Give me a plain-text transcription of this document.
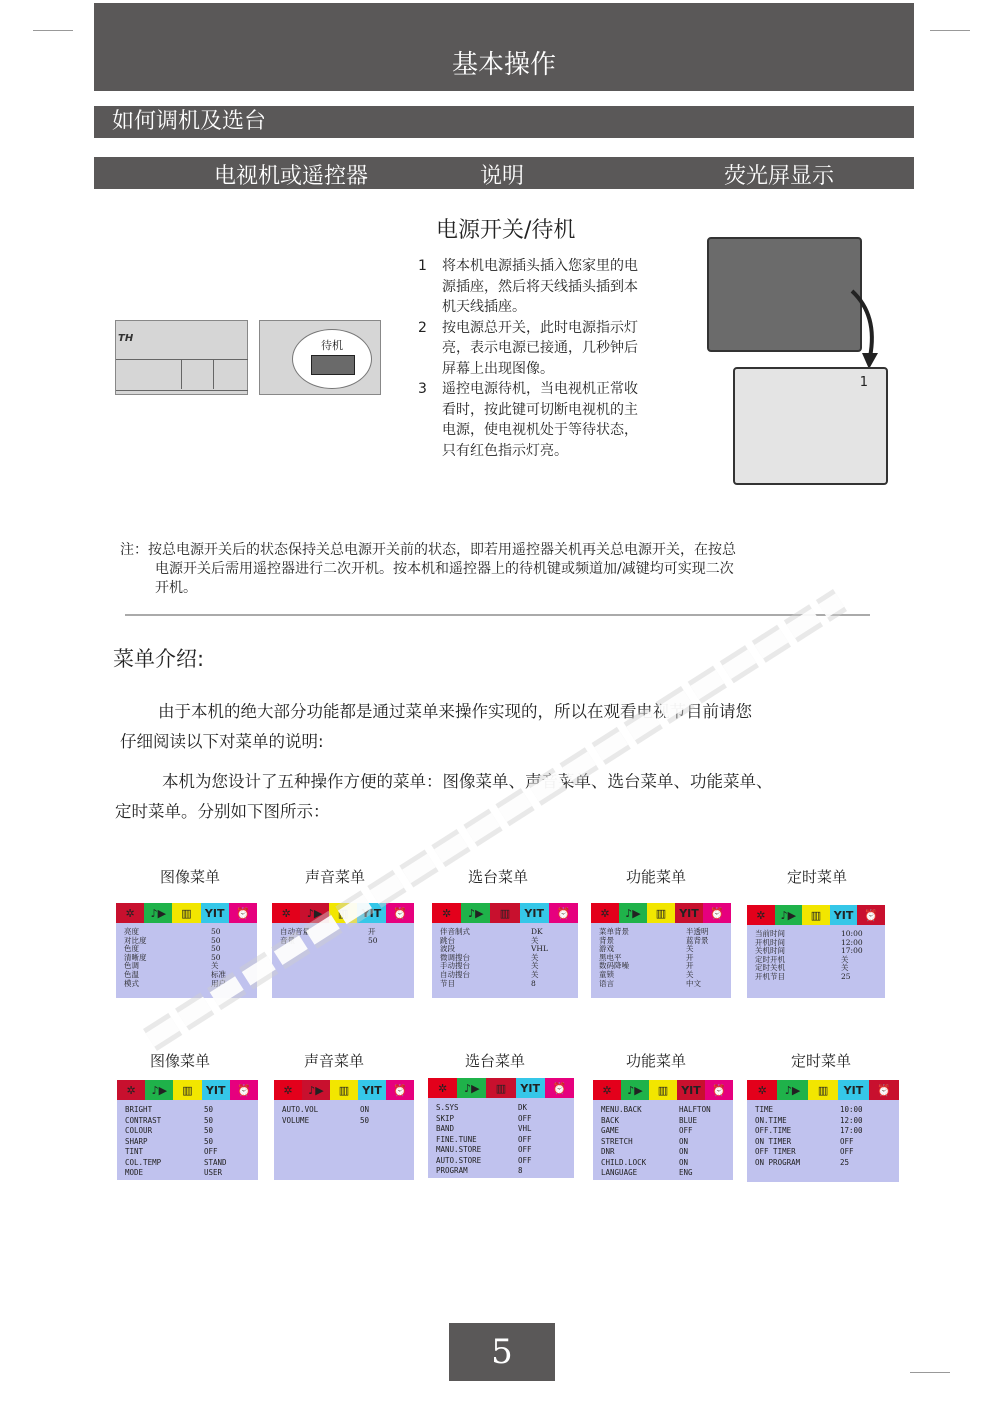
基本操作
如何调机及选台
电视机或遥控器	说明	荧光屏显示
电源开关/待机
TH
待机
1	将本机电源插头插入您家里的电源插座，然后将天线插头插到本机天线插座。
2	按电源总开关，此时电源指示灯亮，表示电源已接通，几秒钟后屏幕上出现图像。
3	遥控电源待机，当电视机正常收看时，按此键可切断电视机的主电源，使电视机处于等待状态，只有红色指示灯亮。
1
注：按总电源开关后的状态保持关总电源开关前的状态，即若用遥控器关机再关总电源开关，在按总
电源开关后需用遥控器进行二次开机。按本机和遥控器上的待机键或频道加/减键均可实现二次
开机。
菜单介绍:
由于本机的绝大部分功能都是通过菜单来操作实现的，所以在观看电视节目前请您
仔细阅读以下对菜单的说明:
本机为您设计了五种操作方便的菜单：图像菜单、声音菜单、选台菜单、功能菜单、
定时菜单。分别如下图所示：
图像菜单
✲	♪▶	▥	YIT	⏰
亮度	50
对比度	50
色度	50
清晰度	50
色调	关
色温	标准
模式	用户
声音菜单
✲	♪▶	▥	YIT	⏰
自动音量	开
音量	50
选台菜单
✲	♪▶	▥	YIT	⏰
伴音制式	DK
跳台	关
波段	VHL
微调搜台	关
手动搜台	关
自动搜台	关
节目	8
功能菜单
✲	♪▶	▥	YIT	⏰
菜单背景	半透明
背景	蓝背景
游戏	关
黑电平	开
数码降噪	开
童锁	关
语言	中文
定时菜单
✲	♪▶	▥	YIT ⏰
当前时间	10:00
开机时间	12:00
关机时间	17:00
定时开机	关
定时关机	关
开机节目	25
图像菜单
✲	♪▶	▥	YIT	⏰
BRIGHT	50
CONTRAST	50
COLOUR	50
SHARP	50
TINT	OFF
COL.TEMP	STAND
MODE	USER
声音菜单
✲	♪▶	▥	YIT	⏰
AUTO.VOL	ON
VOLUME	50
选台菜单
✲	♪▶	▥	YIT	⏰
S.SYS	DK
SKIP	OFF
BAND	VHL
FINE.TUNE	OFF
MANU.STORE	OFF
AUTO.STORE	OFF
PROGRAM	8
功能菜单
✲	♪▶	▥	YIT	⏰
MENU.BACK	HALFTON
BACK	BLUE
GAME	OFF
STRETCH	ON
DNR	ON
CHILD.LOCK	ON
LANGUAGE	ENG
定时菜单
✲	♪▶	▥	YIT	⏰
TIME	10:00
ON.TIME	12:00
OFF.TIME	17:00
ON TIMER	OFF
OFF TIMER	OFF
ON PROGRAM	25
5
